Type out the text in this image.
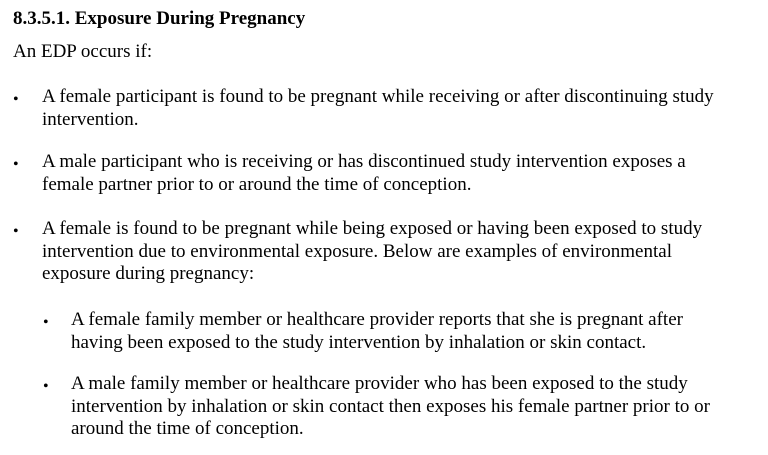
8.3.5.1. Exposure During Pregnancy
An EDP occurs if:
• A female participant is found to be pregnant while receiving or after discontinuing study
intervention.
• A male participant who is receiving or has discontinued study intervention exposes a
female partner prior to or around the time of conception.
• A female is found to be pregnant while being exposed or having been exposed to study
intervention due to environmental exposure. Below are examples of environmental
exposure during pregnancy:
• A female family member or healthcare provider reports that she is pregnant after
having been exposed to the study intervention by inhalation or skin contact.
• A male family member or healthcare provider who has been exposed to the study
intervention by inhalation or skin contact then exposes his female partner prior to or
around the time of conception.
